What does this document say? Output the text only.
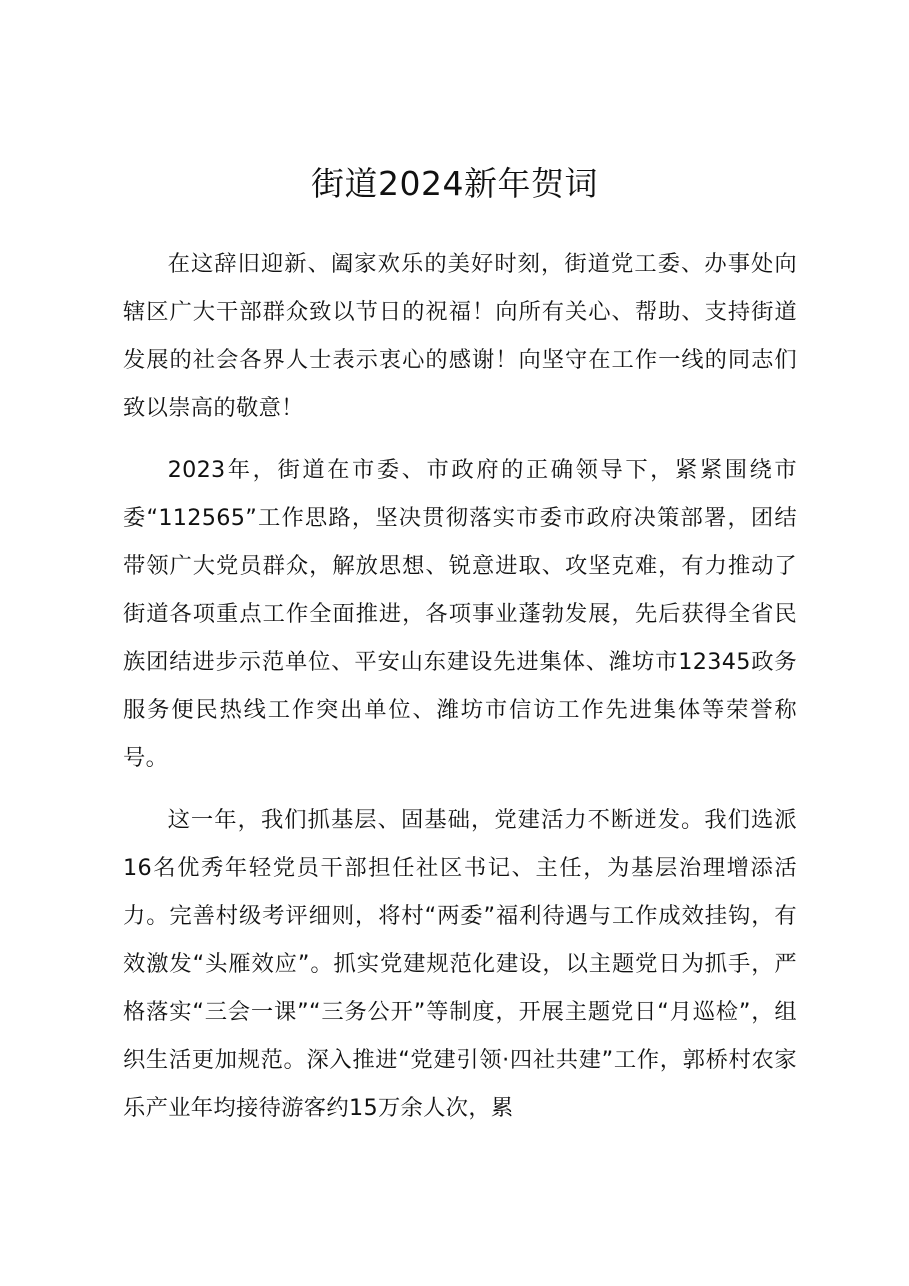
街道2024新年贺词

在这辞旧迎新、阖家欢乐的美好时刻，街道党工委、办事处向辖区广大干部群众致以节日的祝福！向所有关心、帮助、支持街道发展的社会各界人士表示衷心的感谢！向坚守在工作一线的同志们致以崇高的敬意！

2023年，街道在市委、市政府的正确领导下，紧紧围绕市委“112565”工作思路，坚决贯彻落实市委市政府决策部署，团结带领广大党员群众，解放思想、锐意进取、攻坚克难，有力推动了街道各项重点工作全面推进，各项事业蓬勃发展，先后获得全省民族团结进步示范单位、平安山东建设先进集体、潍坊市12345政务服务便民热线工作突出单位、潍坊市信访工作先进集体等荣誉称号。

这一年，我们抓基层、固基础，党建活力不断迸发。我们选派16名优秀年轻党员干部担任社区书记、主任，为基层治理增添活力。完善村级考评细则，将村“两委”福利待遇与工作成效挂钩，有效激发“头雁效应”。抓实党建规范化建设，以主题党日为抓手，严格落实“三会一课”“三务公开”等制度，开展主题党日“月巡检”，组织生活更加规范。深入推进“党建引领·四社共建”工作，郭桥村农家乐产业年均接待游客约15万余人次，累
